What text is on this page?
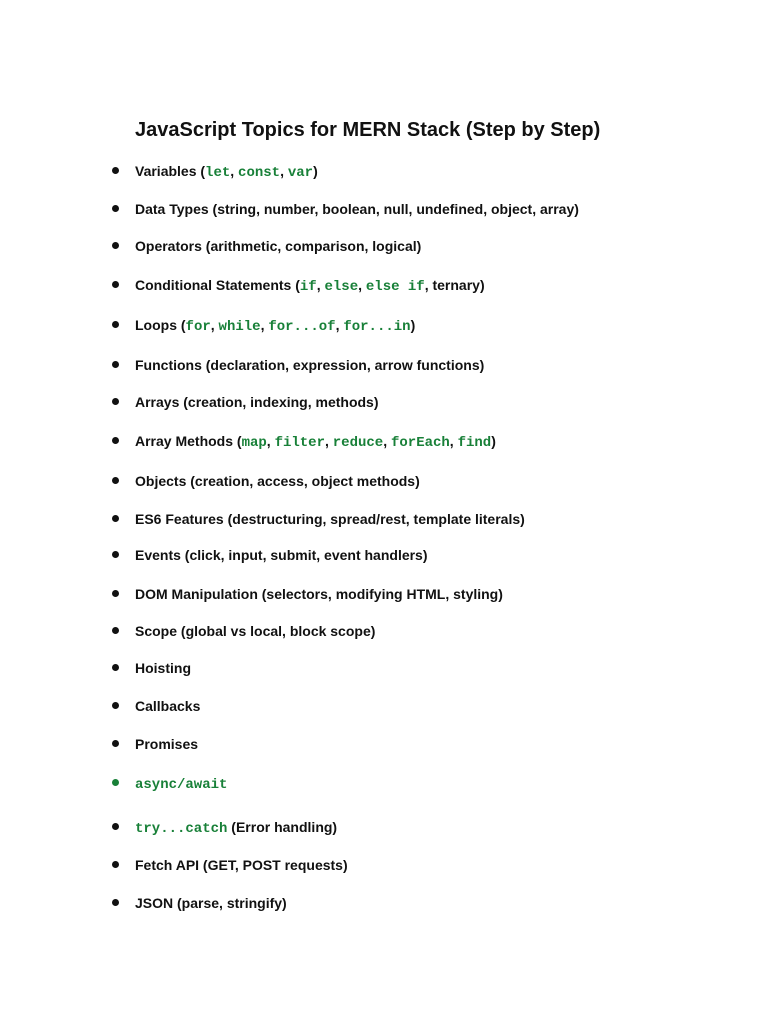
JavaScript Topics for MERN Stack (Step by Step)
Variables (let, const, var)
Data Types (string, number, boolean, null, undefined, object, array)
Operators (arithmetic, comparison, logical)
Conditional Statements (if, else, else if, ternary)
Loops (for, while, for...of, for...in)
Functions (declaration, expression, arrow functions)
Arrays (creation, indexing, methods)
Array Methods (map, filter, reduce, forEach, find)
Objects (creation, access, object methods)
ES6 Features (destructuring, spread/rest, template literals)
Events (click, input, submit, event handlers)
DOM Manipulation (selectors, modifying HTML, styling)
Scope (global vs local, block scope)
Hoisting
Callbacks
Promises
async/await
try...catch (Error handling)
Fetch API (GET, POST requests)
JSON (parse, stringify)
